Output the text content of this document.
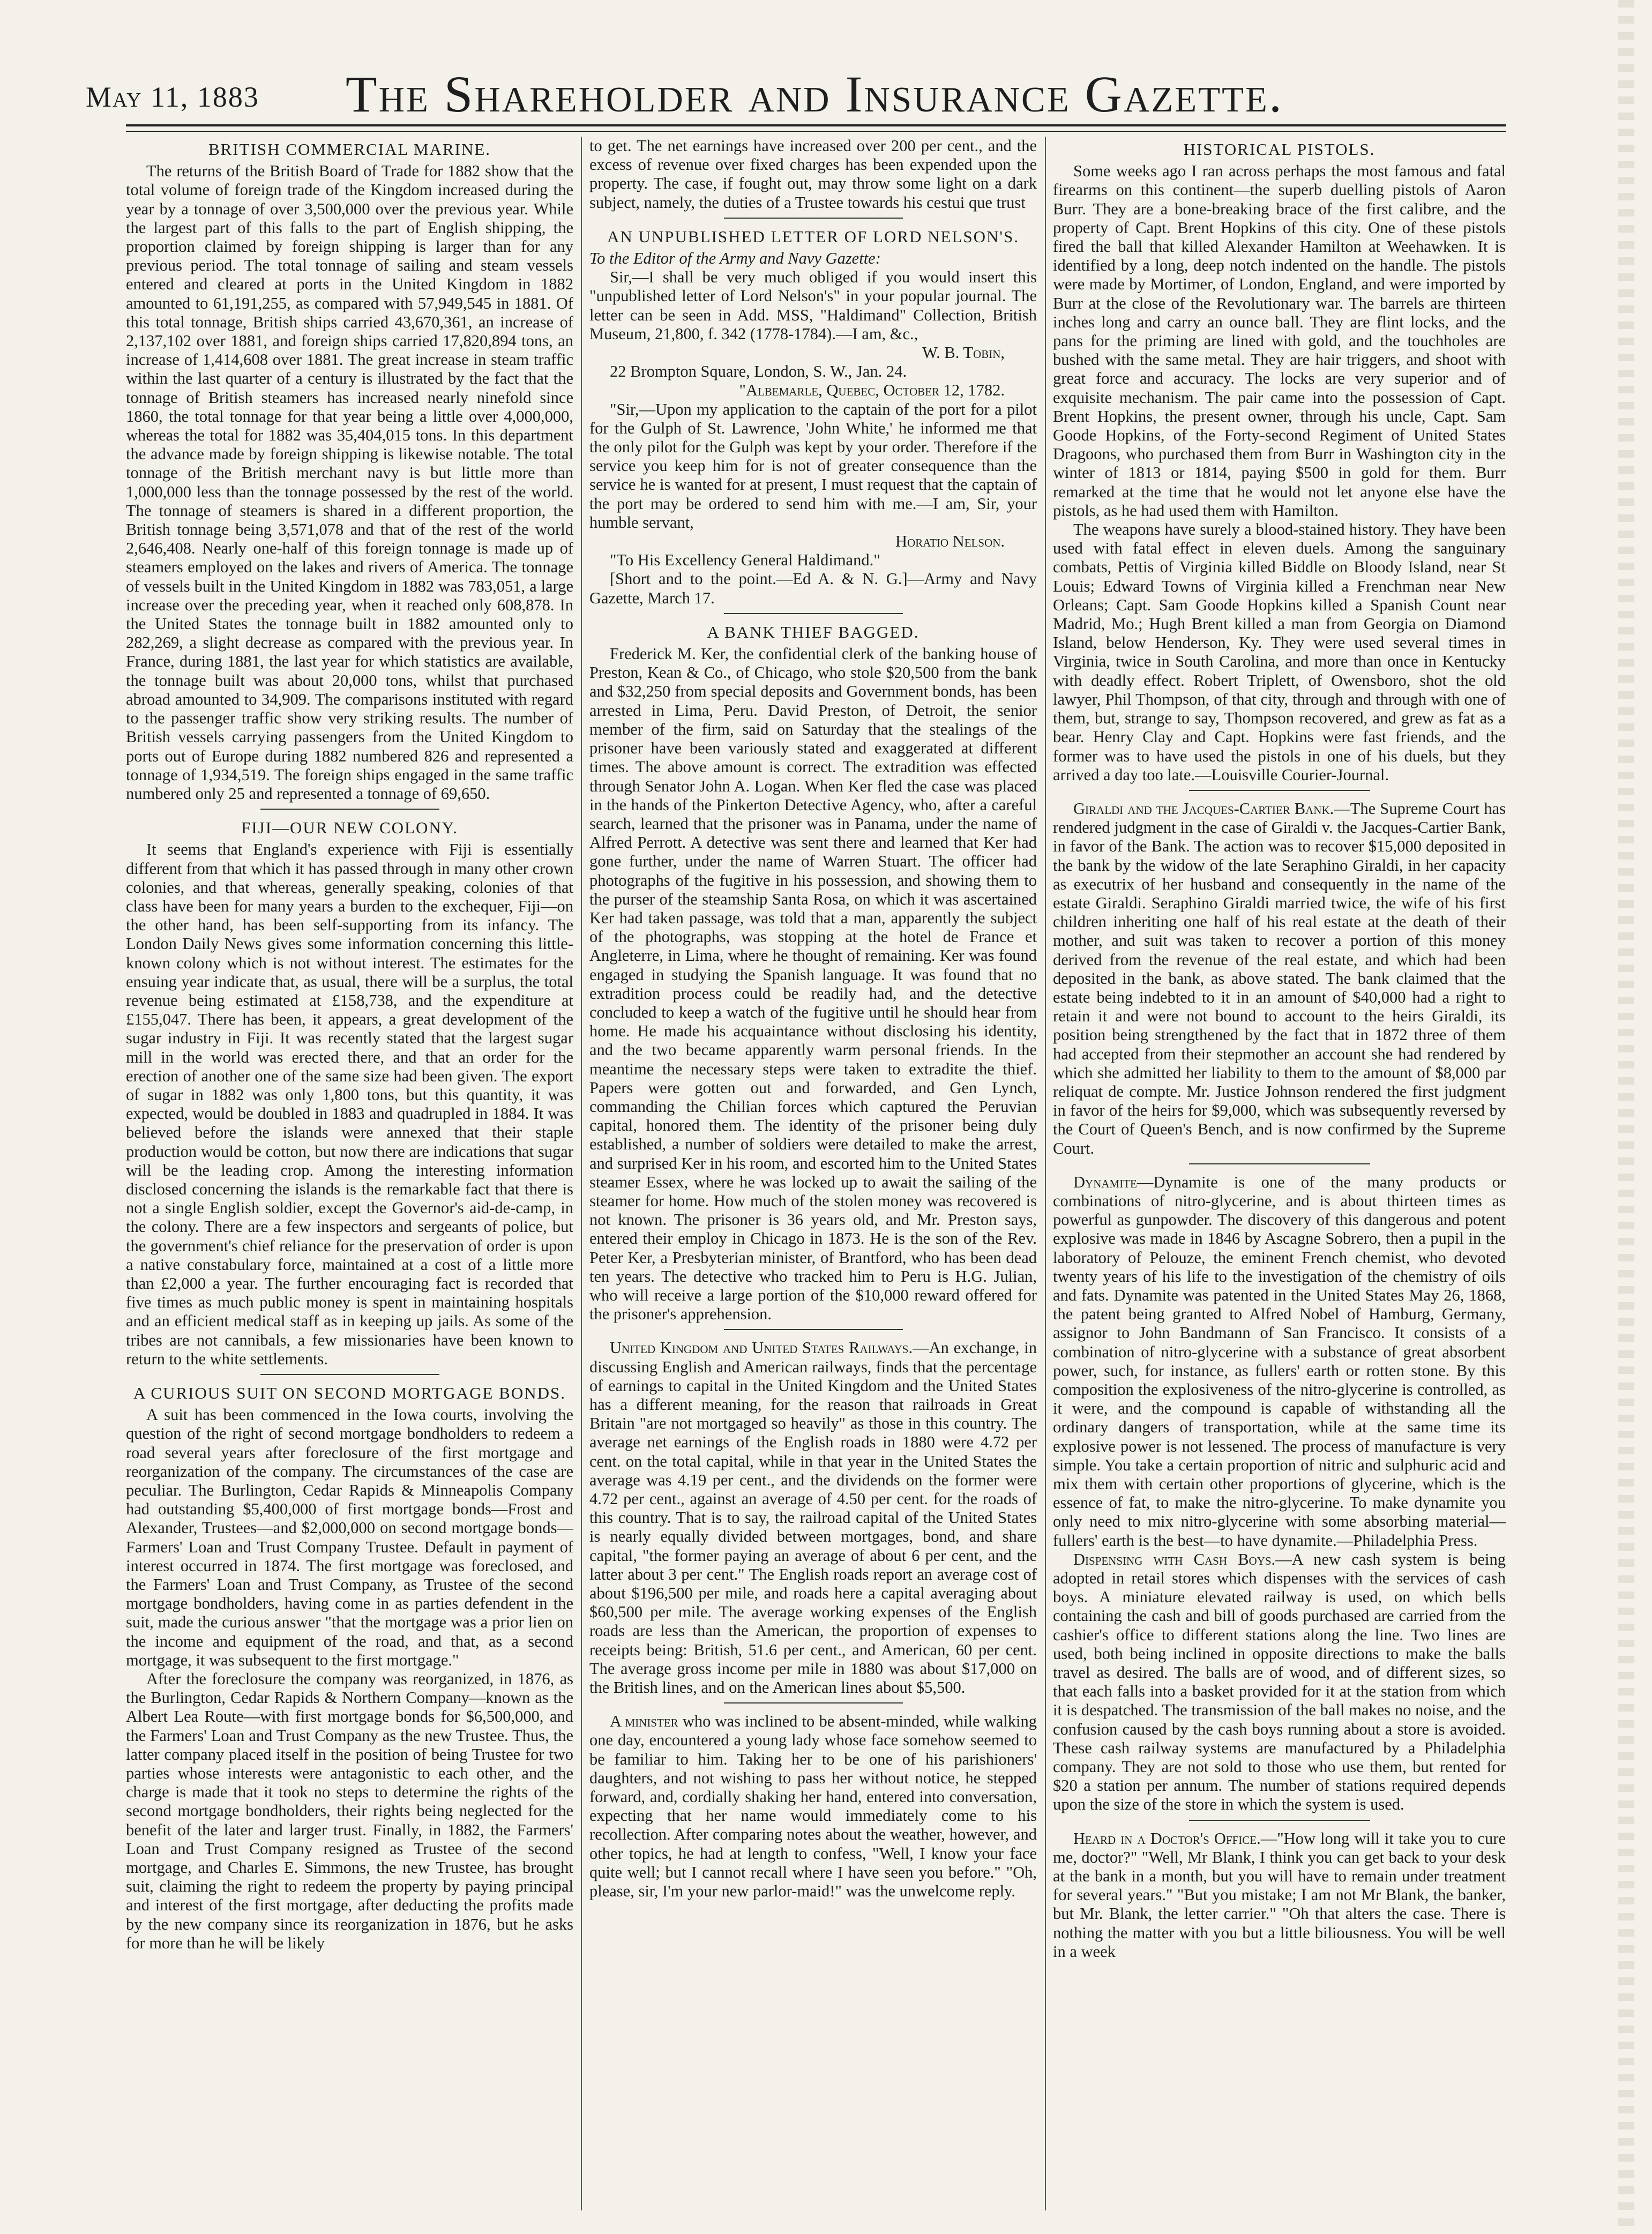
May 11, 1883	The Shareholder and Insurance Gazette.
BRITISH COMMERCIAL MARINE.

The returns of the British Board of Trade for 1882 show that the total volume of foreign trade of the Kingdom increased during the year by a tonnage of over 3,500,000 over the previous year. While the largest part of this falls to the part of English shipping, the proportion claimed by foreign shipping is larger than for any previous period. The total tonnage of sailing and steam vessels entered and cleared at ports in the United Kingdom in 1882 amounted to 61,191,255, as compared with 57,949,545 in 1881. Of this total tonnage, British ships carried 43,670,361, an increase of 2,137,102 over 1881, and foreign ships carried 17,820,894 tons, an increase of 1,414,608 over 1881. The great increase in steam traffic within the last quarter of a century is illustrated by the fact that the tonnage of British steamers has increased nearly ninefold since 1860, the total tonnage for that year being a little over 4,000,000, whereas the total for 1882 was 35,404,015 tons. In this department the advance made by foreign shipping is likewise notable. The total tonnage of the British merchant navy is but little more than 1,000,000 less than the tonnage possessed by the rest of the world. The tonnage of steamers is shared in a different proportion, the British tonnage being 3,571,078 and that of the rest of the world 2,646,408. Nearly one-half of this foreign tonnage is made up of steamers employed on the lakes and rivers of America. The tonnage of vessels built in the United Kingdom in 1882 was 783,051, a large increase over the preceding year, when it reached only 608,878. In the United States the tonnage built in 1882 amounted only to 282,269, a slight decrease as compared with the previous year. In France, during 1881, the last year for which statistics are available, the tonnage built was about 20,000 tons, whilst that purchased abroad amounted to 34,909. The comparisons instituted with regard to the passenger traffic show very striking results. The number of British vessels carrying passengers from the United Kingdom to ports out of Europe during 1882 numbered 826 and represented a tonnage of 1,934,519. The foreign ships engaged in the same traffic numbered only 25 and represented a tonnage of 69,650.

FIJI—OUR NEW COLONY.

It seems that England's experience with Fiji is essentially different from that which it has passed through in many other crown colonies, and that whereas, generally speaking, colonies of that class have been for many years a burden to the exchequer, Fiji—on the other hand, has been self-supporting from its infancy. The London Daily News gives some information concerning this little-known colony which is not without interest. The estimates for the ensuing year indicate that, as usual, there will be a surplus, the total revenue being estimated at £158,738, and the expenditure at £155,047. There has been, it appears, a great development of the sugar industry in Fiji. It was recently stated that the largest sugar mill in the world was erected there, and that an order for the erection of another one of the same size had been given. The export of sugar in 1882 was only 1,800 tons, but this quantity, it was expected, would be doubled in 1883 and quadrupled in 1884. It was believed before the islands were annexed that their staple production would be cotton, but now there are indications that sugar will be the leading crop. Among the interesting information disclosed concerning the islands is the remarkable fact that there is not a single English soldier, except the Governor's aid-de-camp, in the colony. There are a few inspectors and sergeants of police, but the government's chief reliance for the preservation of order is upon a native constabulary force, maintained at a cost of a little more than £2,000 a year. The further encouraging fact is recorded that five times as much public money is spent in maintaining hospitals and an efficient medical staff as in keeping up jails. As some of the tribes are not cannibals, a few missionaries have been known to return to the white settlements.

A CURIOUS SUIT ON SECOND MORTGAGE BONDS.

A suit has been commenced in the Iowa courts, involving the question of the right of second mortgage bondholders to redeem a road several years after foreclosure of the first mortgage and reorganization of the company. The circumstances of the case are peculiar. The Burlington, Cedar Rapids & Minneapolis Company had outstanding $5,400,000 of first mortgage bonds—Frost and Alexander, Trustees—and $2,000,000 on second mortgage bonds—Farmers' Loan and Trust Company Trustee. Default in payment of interest occurred in 1874. The first mortgage was foreclosed, and the Farmers' Loan and Trust Company, as Trustee of the second mortgage bondholders, having come in as parties defendent in the suit, made the curious answer "that the mortgage was a prior lien on the income and equipment of the road, and that, as a second mortgage, it was subsequent to the first mortgage."

After the foreclosure the company was reorganized, in 1876, as the Burlington, Cedar Rapids & Northern Company—known as the Albert Lea Route—with first mortgage bonds for $6,500,000, and the Farmers' Loan and Trust Company as the new Trustee. Thus, the latter company placed itself in the position of being Trustee for two parties whose interests were antagonistic to each other, and the charge is made that it took no steps to determine the rights of the second mortgage bondholders, their rights being neglected for the benefit of the later and larger trust. Finally, in 1882, the Farmers' Loan and Trust Company resigned as Trustee of the second mortgage, and Charles E. Simmons, the new Trustee, has brought suit, claiming the right to redeem the property by paying principal and interest of the first mortgage, after deducting the profits made by the new company since its reorganization in 1876, but he asks for more than he will be likely

to get. The net earnings have increased over 200 per cent., and the excess of revenue over fixed charges has been expended upon the property. The case, if fought out, may throw some light on a dark subject, namely, the duties of a Trustee towards his cestui que trust

AN UNPUBLISHED LETTER OF LORD NELSON'S.

To the Editor of the Army and Navy Gazette:

Sir,—I shall be very much obliged if you would insert this "unpublished letter of Lord Nelson's" in your popular journal. The letter can be seen in Add. MSS, "Haldimand" Collection, British Museum, 21,800, f. 342 (1778-1784).—I am, &c.,

W. B. Tobin,

22 Brompton Square, London, S. W., Jan. 24.

"Albemarle, Quebec, October 12, 1782.

"Sir,—Upon my application to the captain of the port for a pilot for the Gulph of St. Lawrence, 'John White,' he informed me that the only pilot for the Gulph was kept by your order. Therefore if the service you keep him for is not of greater consequence than the service he is wanted for at present, I must request that the captain of the port may be ordered to send him with me.—I am, Sir, your humble servant,

Horatio Nelson.

"To His Excellency General Haldimand."

[Short and to the point.—Ed A. & N. G.]—Army and Navy Gazette, March 17.

A BANK THIEF BAGGED.

Frederick M. Ker, the confidential clerk of the banking house of Preston, Kean & Co., of Chicago, who stole $20,500 from the bank and $32,250 from special deposits and Government bonds, has been arrested in Lima, Peru. David Preston, of Detroit, the senior member of the firm, said on Saturday that the stealings of the prisoner have been variously stated and exaggerated at different times. The above amount is correct. The extradition was effected through Senator John A. Logan. When Ker fled the case was placed in the hands of the Pinkerton Detective Agency, who, after a careful search, learned that the prisoner was in Panama, under the name of Alfred Perrott. A detective was sent there and learned that Ker had gone further, under the name of Warren Stuart. The officer had photographs of the fugitive in his possession, and showing them to the purser of the steamship Santa Rosa, on which it was ascertained Ker had taken passage, was told that a man, apparently the subject of the photographs, was stopping at the hotel de France et Angleterre, in Lima, where he thought of remaining. Ker was found engaged in studying the Spanish language. It was found that no extradition process could be readily had, and the detective concluded to keep a watch of the fugitive until he should hear from home. He made his acquaintance without disclosing his identity, and the two became apparently warm personal friends. In the meantime the necessary steps were taken to extradite the thief. Papers were gotten out and forwarded, and Gen Lynch, commanding the Chilian forces which captured the Peruvian capital, honored them. The identity of the prisoner being duly established, a number of soldiers were detailed to make the arrest, and surprised Ker in his room, and escorted him to the United States steamer Essex, where he was locked up to await the sailing of the steamer for home. How much of the stolen money was recovered is not known. The prisoner is 36 years old, and Mr. Preston says, entered their employ in Chicago in 1873. He is the son of the Rev. Peter Ker, a Presbyterian minister, of Brantford, who has been dead ten years. The detective who tracked him to Peru is H.G. Julian, who will receive a large portion of the $10,000 reward offered for the prisoner's apprehension.

United Kingdom and United States Railways.—An exchange, in discussing English and American railways, finds that the percentage of earnings to capital in the United Kingdom and the United States has a different meaning, for the reason that railroads in Great Britain "are not mortgaged so heavily" as those in this country. The average net earnings of the English roads in 1880 were 4.72 per cent. on the total capital, while in that year in the United States the average was 4.19 per cent., and the dividends on the former were 4.72 per cent., against an average of 4.50 per cent. for the roads of this country. That is to say, the railroad capital of the United States is nearly equally divided between mortgages, bond, and share capital, "the former paying an average of about 6 per cent, and the latter about 3 per cent." The English roads report an average cost of about $196,500 per mile, and roads here a capital averaging about $60,500 per mile. The average working expenses of the English roads are less than the American, the proportion of expenses to receipts being: British, 51.6 per cent., and American, 60 per cent. The average gross income per mile in 1880 was about $17,000 on the British lines, and on the American lines about $5,500.

A minister who was inclined to be absent-minded, while walking one day, encountered a young lady whose face somehow seemed to be familiar to him. Taking her to be one of his parishioners' daughters, and not wishing to pass her without notice, he stepped forward, and, cordially shaking her hand, entered into conversation, expecting that her name would immediately come to his recollection. After comparing notes about the weather, however, and other topics, he had at length to confess, "Well, I know your face quite well; but I cannot recall where I have seen you before." "Oh, please, sir, I'm your new parlor-maid!" was the unwelcome reply.

HISTORICAL PISTOLS.

Some weeks ago I ran across perhaps the most famous and fatal firearms on this continent—the superb duelling pistols of Aaron Burr. They are a bone-breaking brace of the first calibre, and the property of Capt. Brent Hopkins of this city. One of these pistols fired the ball that killed Alexander Hamilton at Weehawken. It is identified by a long, deep notch indented on the handle. The pistols were made by Mortimer, of London, England, and were imported by Burr at the close of the Revolutionary war. The barrels are thirteen inches long and carry an ounce ball. They are flint locks, and the pans for the priming are lined with gold, and the touchholes are bushed with the same metal. They are hair triggers, and shoot with great force and accuracy. The locks are very superior and of exquisite mechanism. The pair came into the possession of Capt. Brent Hopkins, the present owner, through his uncle, Capt. Sam Goode Hopkins, of the Forty-second Regiment of United States Dragoons, who purchased them from Burr in Washington city in the winter of 1813 or 1814, paying $500 in gold for them. Burr remarked at the time that he would not let anyone else have the pistols, as he had used them with Hamilton.

The weapons have surely a blood-stained history. They have been used with fatal effect in eleven duels. Among the sanguinary combats, Pettis of Virginia killed Biddle on Bloody Island, near St Louis; Edward Towns of Virginia killed a Frenchman near New Orleans; Capt. Sam Goode Hopkins killed a Spanish Count near Madrid, Mo.; Hugh Brent killed a man from Georgia on Diamond Island, below Henderson, Ky. They were used several times in Virginia, twice in South Carolina, and more than once in Kentucky with deadly effect. Robert Triplett, of Owensboro, shot the old lawyer, Phil Thompson, of that city, through and through with one of them, but, strange to say, Thompson recovered, and grew as fat as a bear. Henry Clay and Capt. Hopkins were fast friends, and the former was to have used the pistols in one of his duels, but they arrived a day too late.—Louisville Courier-Journal.

Giraldi and the Jacques-Cartier Bank.—The Supreme Court has rendered judgment in the case of Giraldi v. the Jacques-Cartier Bank, in favor of the Bank. The action was to recover $15,000 deposited in the bank by the widow of the late Seraphino Giraldi, in her capacity as executrix of her husband and consequently in the name of the estate Giraldi. Seraphino Giraldi married twice, the wife of his first children inheriting one half of his real estate at the death of their mother, and suit was taken to recover a portion of this money derived from the revenue of the real estate, and which had been deposited in the bank, as above stated. The bank claimed that the estate being indebted to it in an amount of $40,000 had a right to retain it and were not bound to account to the heirs Giraldi, its position being strengthened by the fact that in 1872 three of them had accepted from their stepmother an account she had rendered by which she admitted her liability to them to the amount of $8,000 par reliquat de compte. Mr. Justice Johnson rendered the first judgment in favor of the heirs for $9,000, which was subsequently reversed by the Court of Queen's Bench, and is now confirmed by the Supreme Court.

Dynamite—Dynamite is one of the many products or combinations of nitro-glycerine, and is about thirteen times as powerful as gunpowder. The discovery of this dangerous and potent explosive was made in 1846 by Ascagne Sobrero, then a pupil in the laboratory of Pelouze, the eminent French chemist, who devoted twenty years of his life to the investigation of the chemistry of oils and fats. Dynamite was patented in the United States May 26, 1868, the patent being granted to Alfred Nobel of Hamburg, Germany, assignor to John Bandmann of San Francisco. It consists of a combination of nitro-glycerine with a substance of great absorbent power, such, for instance, as fullers' earth or rotten stone. By this composition the explosiveness of the nitro-glycerine is controlled, as it were, and the compound is capable of withstanding all the ordinary dangers of transportation, while at the same time its explosive power is not lessened. The process of manufacture is very simple. You take a certain proportion of nitric and sulphuric acid and mix them with certain other proportions of glycerine, which is the essence of fat, to make the nitro-glycerine. To make dynamite you only need to mix nitro-glycerine with some absorbing material—fullers' earth is the best—to have dynamite.—Philadelphia Press.

Dispensing with Cash Boys.—A new cash system is being adopted in retail stores which dispenses with the services of cash boys. A miniature elevated railway is used, on which bells containing the cash and bill of goods purchased are carried from the cashier's office to different stations along the line. Two lines are used, both being inclined in opposite directions to make the balls travel as desired. The balls are of wood, and of different sizes, so that each falls into a basket provided for it at the station from which it is despatched. The transmission of the ball makes no noise, and the confusion caused by the cash boys running about a store is avoided. These cash railway systems are manufactured by a Philadelphia company. They are not sold to those who use them, but rented for $20 a station per annum. The number of stations required depends upon the size of the store in which the system is used.

Heard in a Doctor's Office.—"How long will it take you to cure me, doctor?" "Well, Mr Blank, I think you can get back to your desk at the bank in a month, but you will have to remain under treatment for several years." "But you mistake; I am not Mr Blank, the banker, but Mr. Blank, the letter carrier." "Oh that alters the case. There is nothing the matter with you but a little biliousness. You will be well in a week
